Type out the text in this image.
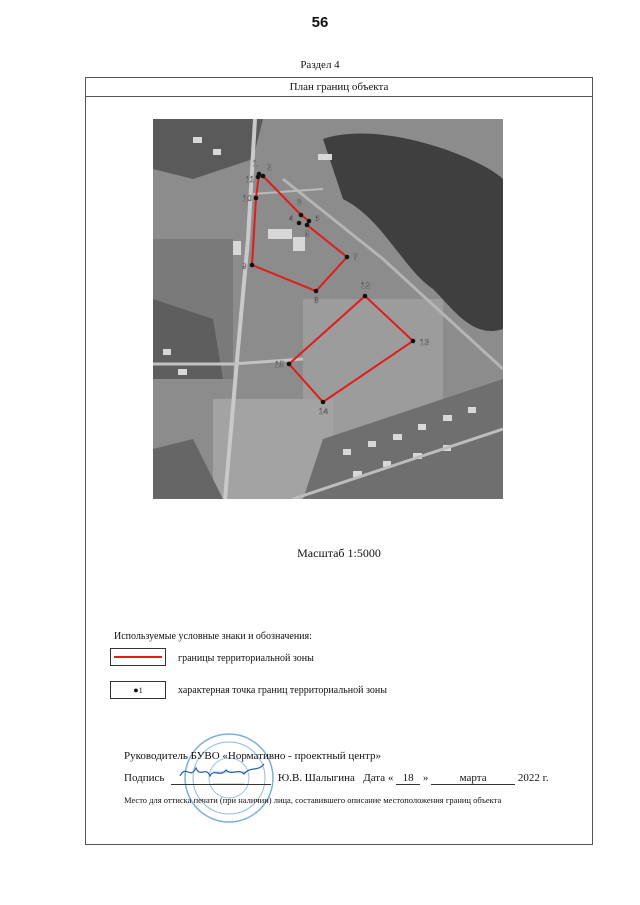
56
Раздел 4
План границ объекта
1 2
3
4
5
6
7
8
9
10
11
12
13
14
15
Масштаб 1:5000
Используемые условные знаки и обозначения:
границы территориальной зоны
●1	характерная точка границ территориальной зоны
Руководитель БУВО «Нормативно - проектный центр»
Подпись	Ю.В. Шалыгина Дата « 18 »	марта	2022 г.
Место для оттиска печати (при наличии) лица, составившего описание местоположения границ объекта
